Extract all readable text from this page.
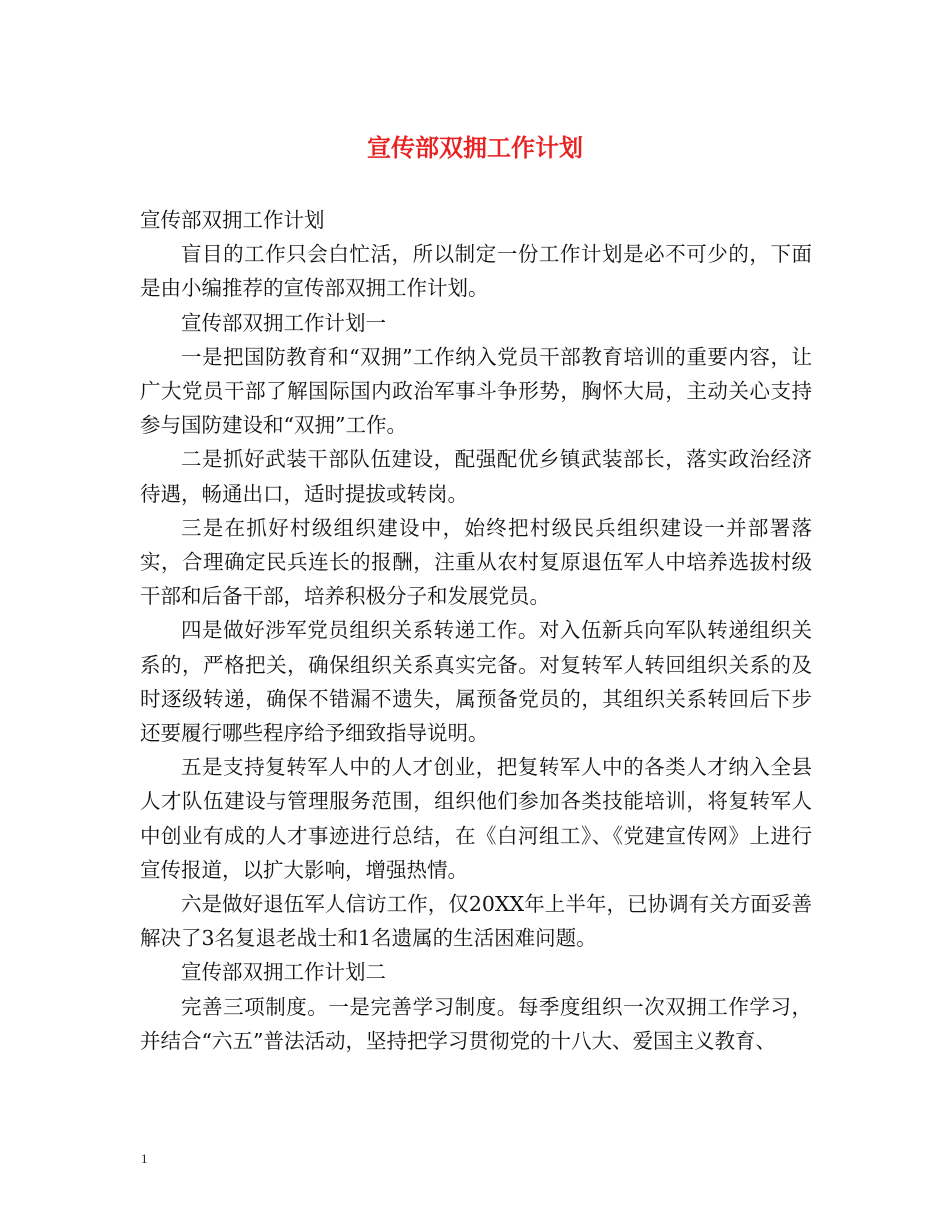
宣传部双拥工作计划

宣传部双拥工作计划

盲目的工作只会白忙活，所以制定一份工作计划是必不可少的，下面是由小编推荐的宣传部双拥工作计划。

宣传部双拥工作计划一

一是把国防教育和“双拥”工作纳入党员干部教育培训的重要内容，让广大党员干部了解国际国内政治军事斗争形势，胸怀大局，主动关心支持参与国防建设和“双拥”工作。

二是抓好武装干部队伍建设，配强配优乡镇武装部长，落实政治经济待遇，畅通出口，适时提拔或转岗。

三是在抓好村级组织建设中，始终把村级民兵组织建设一并部署落实，合理确定民兵连长的报酬，注重从农村复原退伍军人中培养选拔村级干部和后备干部，培养积极分子和发展党员。

四是做好涉军党员组织关系转递工作。对入伍新兵向军队转递组织关系的，严格把关，确保组织关系真实完备。对复转军人转回组织关系的及时逐级转递，确保不错漏不遗失，属预备党员的，其组织关系转回后下步还要履行哪些程序给予细致指导说明。

五是支持复转军人中的人才创业，把复转军人中的各类人才纳入全县人才队伍建设与管理服务范围，组织他们参加各类技能培训，将复转军人中创业有成的人才事迹进行总结，在《白河组工》、《党建宣传网》上进行宣传报道，以扩大影响，增强热情。

六是做好退伍军人信访工作，仅20XX年上半年，已协调有关方面妥善解决了3名复退老战士和1名遗属的生活困难问题。

宣传部双拥工作计划二

完善三项制度。一是完善学习制度。每季度组织一次双拥工作学习，并结合“六五”普法活动，坚持把学习贯彻党的十八大、爱国主义教育、

1
